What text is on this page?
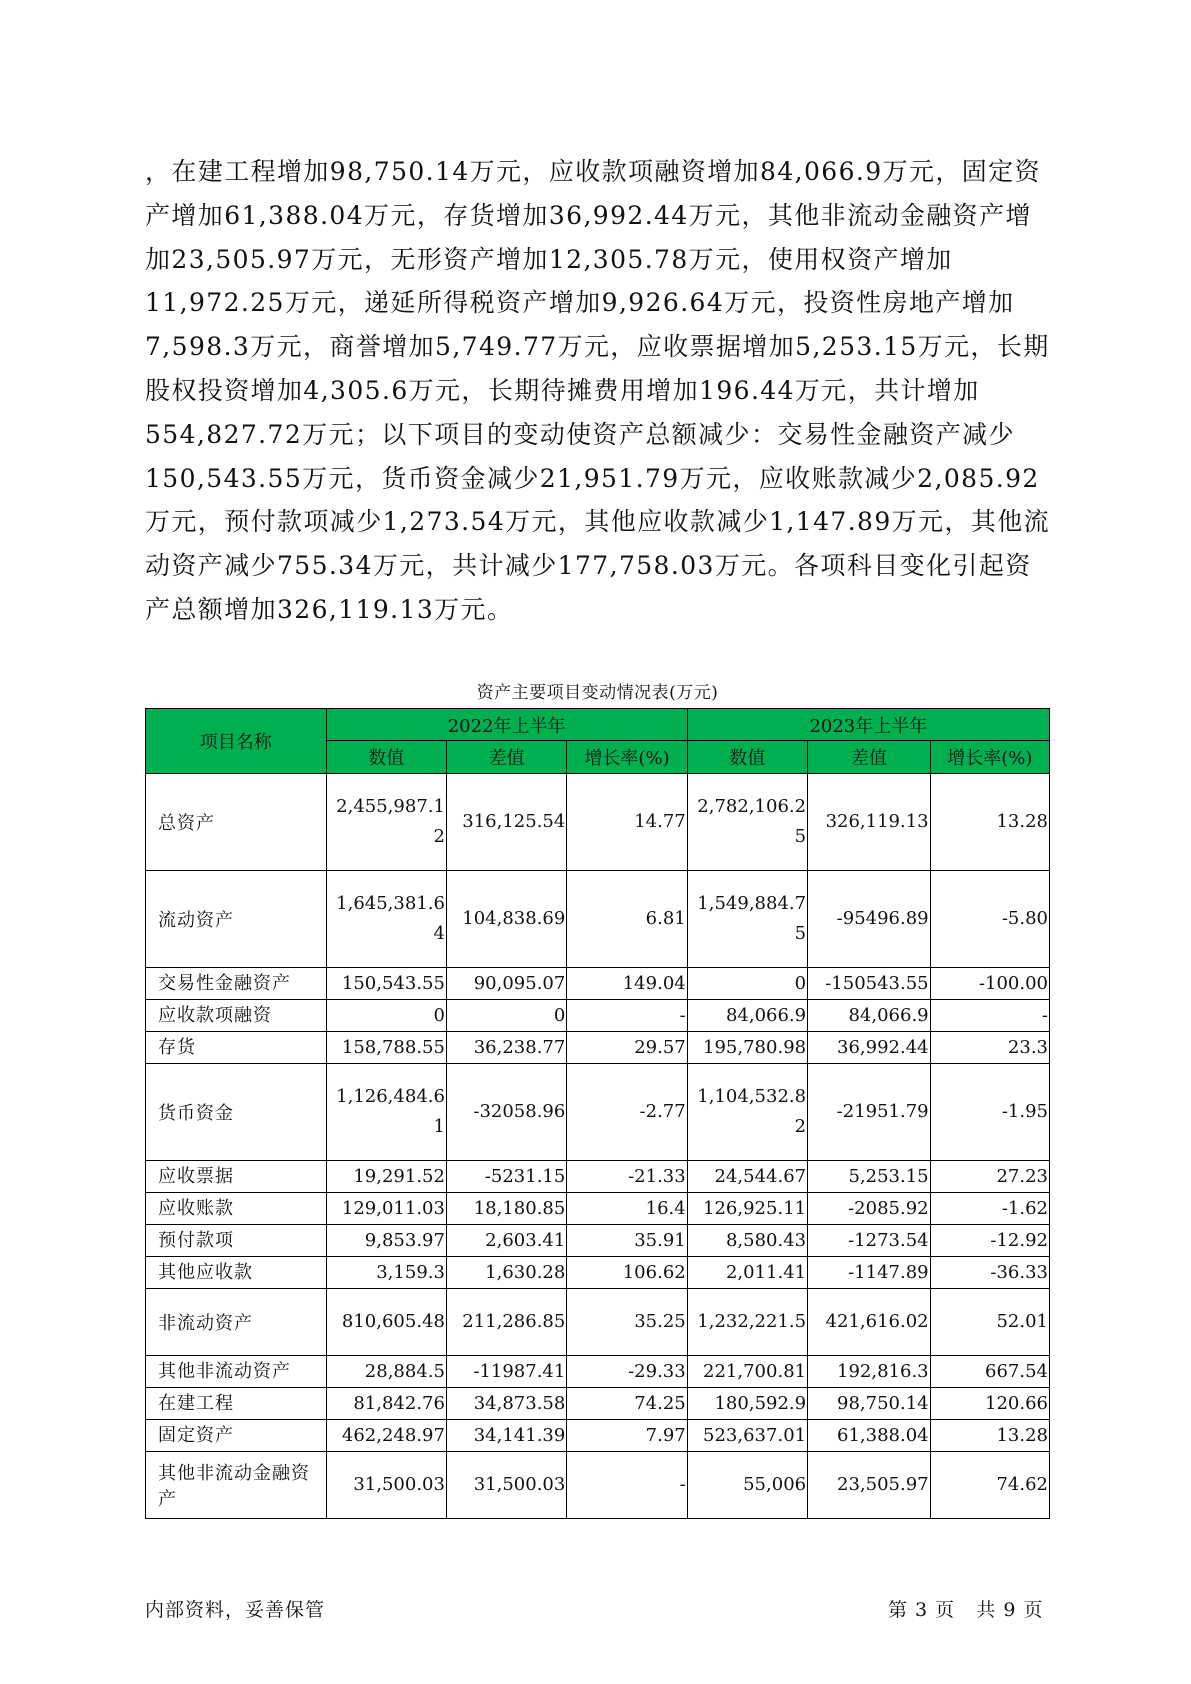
，在建工程增加98,750.14万元，应收款项融资增加84,066.9万元，固定资产增加61,388.04万元，存货增加36,992.44万元，其他非流动金融资产增加23,505.97万元，无形资产增加12,305.78万元，使用权资产增加11,972.25万元，递延所得税资产增加9,926.64万元，投资性房地产增加7,598.3万元，商誉增加5,749.77万元，应收票据增加5,253.15万元，长期股权投资增加4,305.6万元，长期待摊费用增加196.44万元，共计增加554,827.72万元；以下项目的变动使资产总额减少：交易性金融资产减少150,543.55万元，货币资金减少21,951.79万元，应收账款减少2,085.92万元，预付款项减少1,273.54万元，其他应收款减少1,147.89万元，其他流动资产减少755.34万元，共计减少177,758.03万元。各项科目变化引起资产总额增加326,119.13万元。
资产主要项目变动情况表(万元)
项目名称	2022年上半年			2023年上半年		
	数值	差值	增长率(%)	数值	差值	增长率(%)
总资产	2,455,987.12	316,125.54	14.77	2,782,106.25	326,119.13	13.28
流动资产	1,645,381.64	104,838.69	6.81	1,549,884.75	-95496.89	-5.80
交易性金融资产	150,543.55	90,095.07	149.04	0	-150543.55	-100.00
应收款项融资	0	0	-	84,066.9	84,066.9	-
存货	158,788.55	36,238.77	29.57	195,780.98	36,992.44	23.3
货币资金	1,126,484.61	-32058.96	-2.77	1,104,532.82	-21951.79	-1.95
应收票据	19,291.52	-5231.15	-21.33	24,544.67	5,253.15	27.23
应收账款	129,011.03	18,180.85	16.4	126,925.11	-2085.92	-1.62
预付款项	9,853.97	2,603.41	35.91	8,580.43	-1273.54	-12.92
其他应收款	3,159.3	1,630.28	106.62	2,011.41	-1147.89	-36.33
非流动资产	810,605.48	211,286.85	35.25	1,232,221.5	421,616.02	52.01
其他非流动资产	28,884.5	-11987.41	-29.33	221,700.81	192,816.3	667.54
在建工程	81,842.76	34,873.58	74.25	180,592.9	98,750.14	120.66
固定资产	462,248.97	34,141.39	7.97	523,637.01	61,388.04	13.28
其他非流动金融资产	31,500.03	31,500.03	-	55,006	23,505.97	74.62
内部资料，妥善保管	第 3 页   共 9 页
